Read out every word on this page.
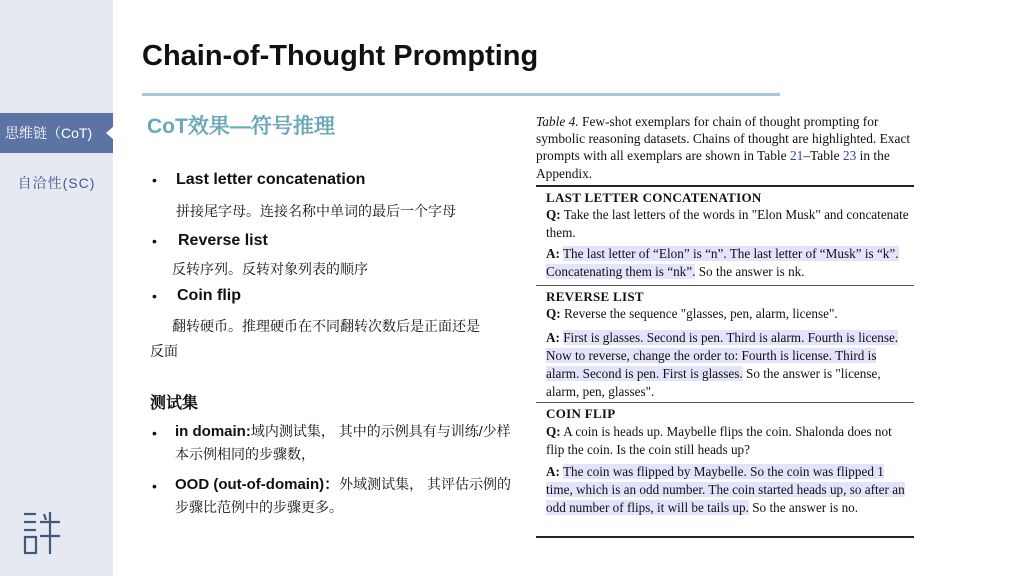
思维链（CoT)
自洽性(SC)
Chain-of-Thought Prompting
CoT效果—符号推理
• Last letter concatenation
拼接尾字母。连接名称中单词的最后一个字母
• Reverse list
反转序列。反转对象列表的顺序
• Coin flip
翻转硬币。推理硬币在不同翻转次数后是正面还是
反面
测试集
• in domain:域内测试集， 其中的示例具有与训练/少样本示例相同的步骤数，
• OOD (out-of-domain)：外域测试集， 其评估示例的步骤比范例中的步骤更多。
Table 4. Few-shot exemplars for chain of thought prompting for symbolic reasoning datasets. Chains of thought are highlighted. Exact prompts with all exemplars are shown in Table 21–Table 23 in the Appendix.
LAST LETTER CONCATENATION
Q: Take the last letters of the words in "Elon Musk" and concatenate them.
A: The last letter of “Elon” is “n”. The last letter of “Musk” is “k”. Concatenating them is “nk”. So the answer is nk.
REVERSE LIST
Q: Reverse the sequence "glasses, pen, alarm, license".
A: First is glasses. Second is pen. Third is alarm. Fourth is license. Now to reverse, change the order to: Fourth is license. Third is alarm. Second is pen. First is glasses. So the answer is "license, alarm, pen, glasses".
COIN FLIP
Q: A coin is heads up. Maybelle flips the coin. Shalonda does not flip the coin. Is the coin still heads up?
A: The coin was flipped by Maybelle. So the coin was flipped 1 time, which is an odd number. The coin started heads up, so after an odd number of flips, it will be tails up. So the answer is no.
